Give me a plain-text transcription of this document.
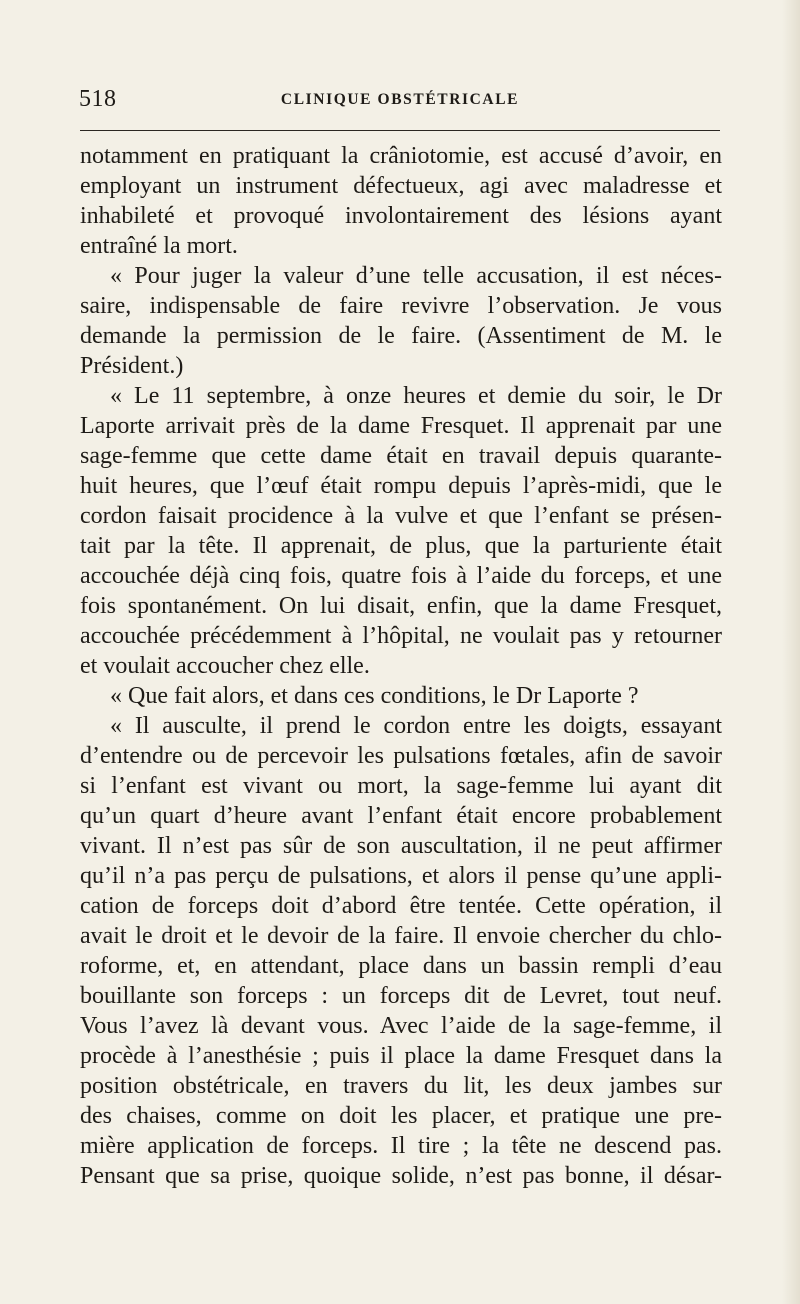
518	CLINIQUE OBSTÉTRICALE
notamment en pratiquant la crâniotomie, est accusé d’avoir, en
employant un instrument défectueux, agi avec maladresse et
inhabileté et provoqué involontairement des lésions ayant
entraîné la mort.
« Pour juger la valeur d’une telle accusation, il est néces-
saire, indispensable de faire revivre l’observation. Je vous
demande la permission de le faire. (Assentiment de M. le
Président.)
« Le 11 septembre, à onze heures et demie du soir, le Dr
Laporte arrivait près de la dame Fresquet. Il apprenait par une
sage-femme que cette dame était en travail depuis quarante-
huit heures, que l’œuf était rompu depuis l’après-midi, que le
cordon faisait procidence à la vulve et que l’enfant se présen-
tait par la tête. Il apprenait, de plus, que la parturiente était
accouchée déjà cinq fois, quatre fois à l’aide du forceps, et une
fois spontanément. On lui disait, enfin, que la dame Fresquet,
accouchée précédemment à l’hôpital, ne voulait pas y retourner
et voulait accoucher chez elle.
« Que fait alors, et dans ces conditions, le Dr Laporte ?
« Il ausculte, il prend le cordon entre les doigts, essayant
d’entendre ou de percevoir les pulsations fœtales, afin de savoir
si l’enfant est vivant ou mort, la sage-femme lui ayant dit
qu’un quart d’heure avant l’enfant était encore probablement
vivant. Il n’est pas sûr de son auscultation, il ne peut affirmer
qu’il n’a pas perçu de pulsations, et alors il pense qu’une appli-
cation de forceps doit d’abord être tentée. Cette opération, il
avait le droit et le devoir de la faire. Il envoie chercher du chlo-
roforme, et, en attendant, place dans un bassin rempli d’eau
bouillante son forceps : un forceps dit de Levret, tout neuf.
Vous l’avez là devant vous. Avec l’aide de la sage-femme, il
procède à l’anesthésie ; puis il place la dame Fresquet dans la
position obstétricale, en travers du lit, les deux jambes sur
des chaises, comme on doit les placer, et pratique une pre-
mière application de forceps. Il tire ; la tête ne descend pas.
Pensant que sa prise, quoique solide, n’est pas bonne, il désar-
